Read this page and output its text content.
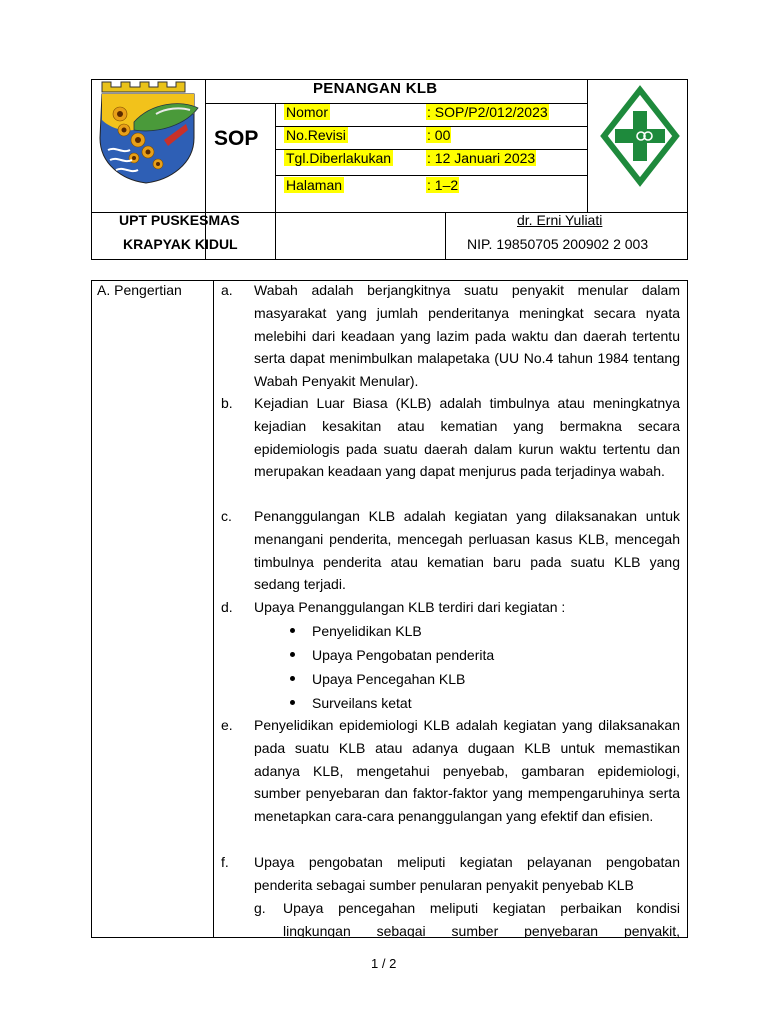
SOP
PENANGAN KLB
Nomor	: SOP/P2/012/2023
No.Revisi	: 00
Tgl.Diberlakukan	: 12 Januari 2023
Halaman	: 1–2
UPT PUSKESMAS
KRAPYAK KIDUL
dr. Erni Yuliati
NIP. 19850705 200902 2 003
A. Pengertian	a. Wabah adalah berjangkitnya suatu penyakit menular dalam masyarakat yang jumlah penderitanya meningkat secara nyata melebihi dari keadaan yang lazim pada waktu dan daerah tertentu serta dapat menimbulkan malapetaka (UU No.4 tahun 1984 tentang Wabah Penyakit Menular).
b. Kejadian Luar Biasa (KLB) adalah timbulnya atau meningkatnya kejadian kesakitan atau kematian yang bermakna secara epidemiologis pada suatu daerah dalam kurun waktu tertentu dan merupakan keadaan yang dapat menjurus pada terjadinya wabah.
c. Penanggulangan KLB adalah kegiatan yang dilaksanakan untuk menangani penderita, mencegah perluasan kasus KLB, mencegah timbulnya penderita atau kematian baru pada suatu KLB yang sedang terjadi.
d. Upaya Penanggulangan KLB terdiri dari kegiatan :
Penyelidikan KLB
Upaya Pengobatan penderita
Upaya Pencegahan KLB
Surveilans ketat
e. Penyelidikan epidemiologi KLB adalah kegiatan yang dilaksanakan pada suatu KLB atau adanya dugaan KLB untuk memastikan adanya KLB, mengetahui penyebab, gambaran epidemiologi, sumber penyebaran dan faktor-faktor yang mempengaruhinya serta menetapkan cara-cara penanggulangan yang efektif dan efisien.
f. Upaya pengobatan meliputi kegiatan pelayanan pengobatan penderita sebagai sumber penularan penyakit penyebab KLB
g. Upaya pencegahan meliputi kegiatan perbaikan kondisi lingkungan sebagai sumber penyebaran penyakit,
1 / 2
